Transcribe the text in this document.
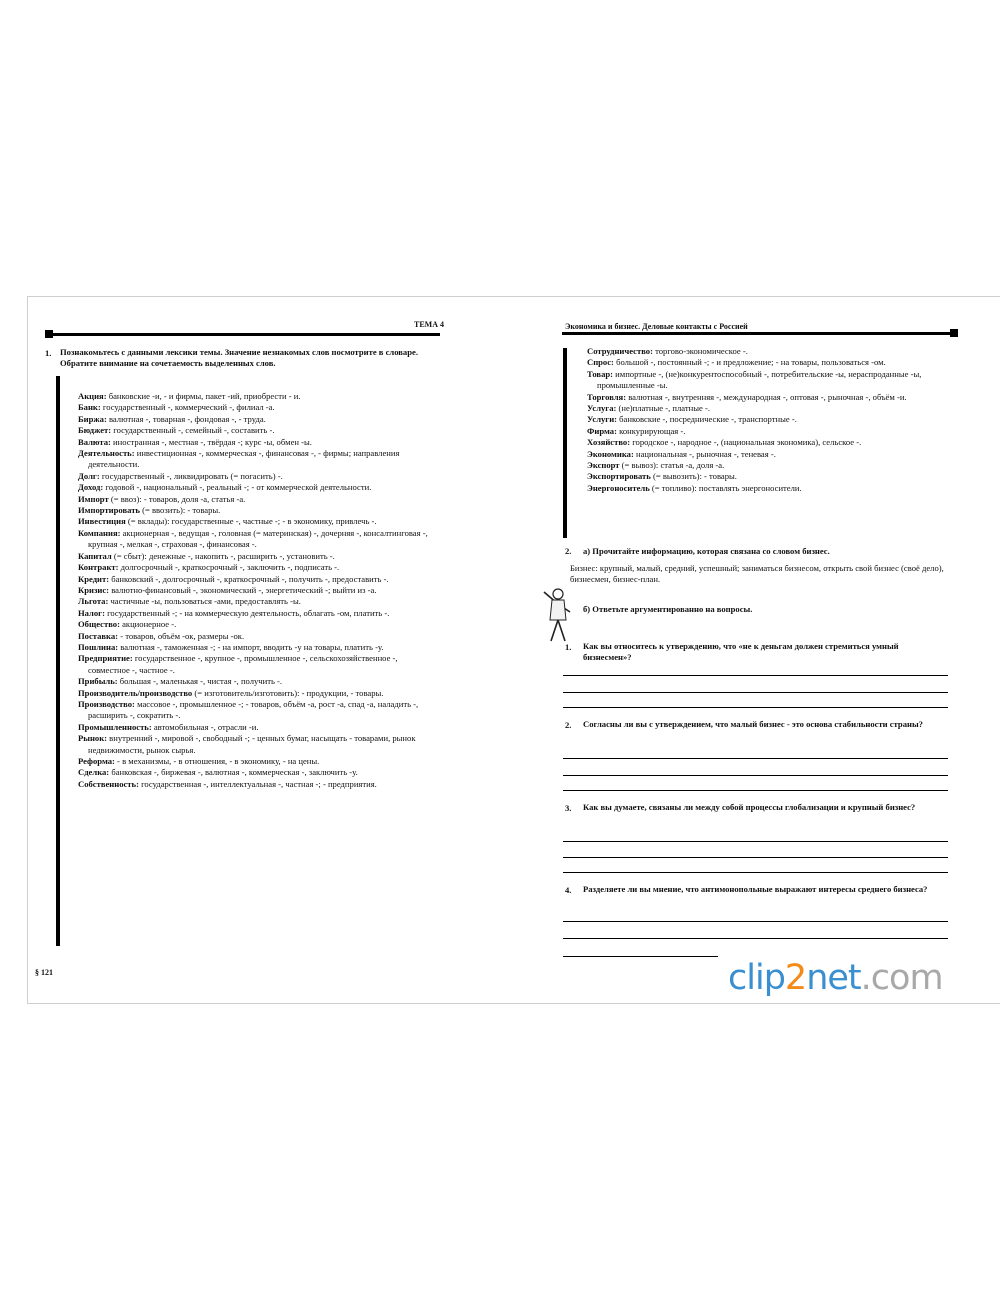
ТЕМА 4
1. Познакомьтесь с данными лексики темы. Значение незнакомых слов посмотрите в словаре. Обратите внимание на сочетаемость выделенных слов.

Акция: банковские -и, - и фирмы, пакет -ий, приобрести - и.

Банк: государственный -, коммерческий -, филиал -а.

Биржа: валютная -, товарная -, фондовая -, - труда.

Бюджет: государственный -, семейный -, составить -.

Валюта: иностранная -, местная -, твёрдая -; курс -ы, обмен -ы.

Деятельность: инвестиционная -, коммерческая -, финансовая -, - фирмы; направления деятельности.

Долг: государственный -, ликвидировать (= погасить) -.

Доход: годовой -, национальный -, реальный -; - от коммерческой деятельности.

Импорт (= ввоз): - товаров, доля -а, статья -а.

Импортировать (= ввозить): - товары.

Инвестиция (= вклады): государственные -, частные -; - в экономику, привлечь -.

Компания: акционерная -, ведущая -, головная (= материнская) -, дочерняя -, консалтинговая -, крупная -, мелкая -, страховая -, финансовая -.

Капитал (= сбыт): денежные -, накопить -, расширить -, установить -.

Контракт: долгосрочный -, краткосрочный -, заключить -, подписать -.

Кредит: банковский -, долгосрочный -, краткосрочный -, получить -, предоставить -.

Кризис: валютно-финансовый -, экономический -, энергетический -; выйти из -а.

Льгота: частичные -ы, пользоваться -ами, предоставлять -ы.

Налог: государственный -; - на коммерческую деятельность, облагать -ом, платить -.

Общество: акционерное -.

Поставка: - товаров, объём -ок, размеры -ок.

Пошлина: валютная -, таможенная -; - на импорт, вводить -у на товары, платить -у.

Предприятие: государственное -, крупное -, промышленное -, сельскохозяйственное -, совместное -, частное -.

Прибыль: большая -, маленькая -, чистая -, получить -.

Производитель/производство (= изготовитель/изготовить): - продукции, - товары.

Производство: массовое -, промышленное -; - товаров, объём -а, рост -а, спад -а, наладить -, расширить -, сократить -.

Промышленность: автомобильная -, отрасли -и.

Рынок: внутренний -, мировой -, свободный -; - ценных бумаг, насыщать - товарами, рынок недвижимости, рынок сырья.

Реформа: - в механизмы, - в отношения, - в экономику, - на цены.

Сделка: банковская -, биржевая -, валютная -, коммерческая -, заключить -у.

Собственность: государственная -, интеллектуальная -, частная -; - предприятия.

§ 121
Экономика и бизнес. Деловые контакты с Россией

Сотрудничество: торгово-экономическое -.

Спрос: большой -, постоянный -; - и предложение; - на товары, пользоваться -ом.

Товар: импортные -, (не)конкурентоспособный -, потребительские -ы, нераспроданные -ы, промышленные -ы.

Торговля: валютная -, внутренняя -, международная -, оптовая -, рыночная -, объём -и.

Услуга: (не)платные -, платные -.

Услуги: банковские -, посреднические -, транспортные -.

Фирма: конкурирующая -.

Хозяйство: городское -, народное -, (национальная экономика), сельское -.

Экономика: национальная -, рыночная -, теневая -.

Экспорт (= вывоз): статья -а, доля -а.

Экспортировать (= вывозить): - товары.

Энергоноситель (= топливо): поставлять энергоносители.

2. а) Прочитайте информацию, которая связана со словом бизнес.
Бизнес: крупный, малый, средний, успешный; заниматься бизнесом, открыть свой бизнес (своё дело), бизнесмен, бизнес-план.
б) Ответьте аргументированно на вопросы.
1. Как вы относитесь к утверждению, что «не к деньгам должен стремиться умный бизнесмен»?
2. Согласны ли вы с утверждением, что малый бизнес - это основа стабильности страны?
3. Как вы думаете, связаны ли между собой процессы глобализации и крупный бизнес?
4. Разделяете ли вы мнение, что антимонопольные выражают интересы среднего бизнеса?
clip2net.com
